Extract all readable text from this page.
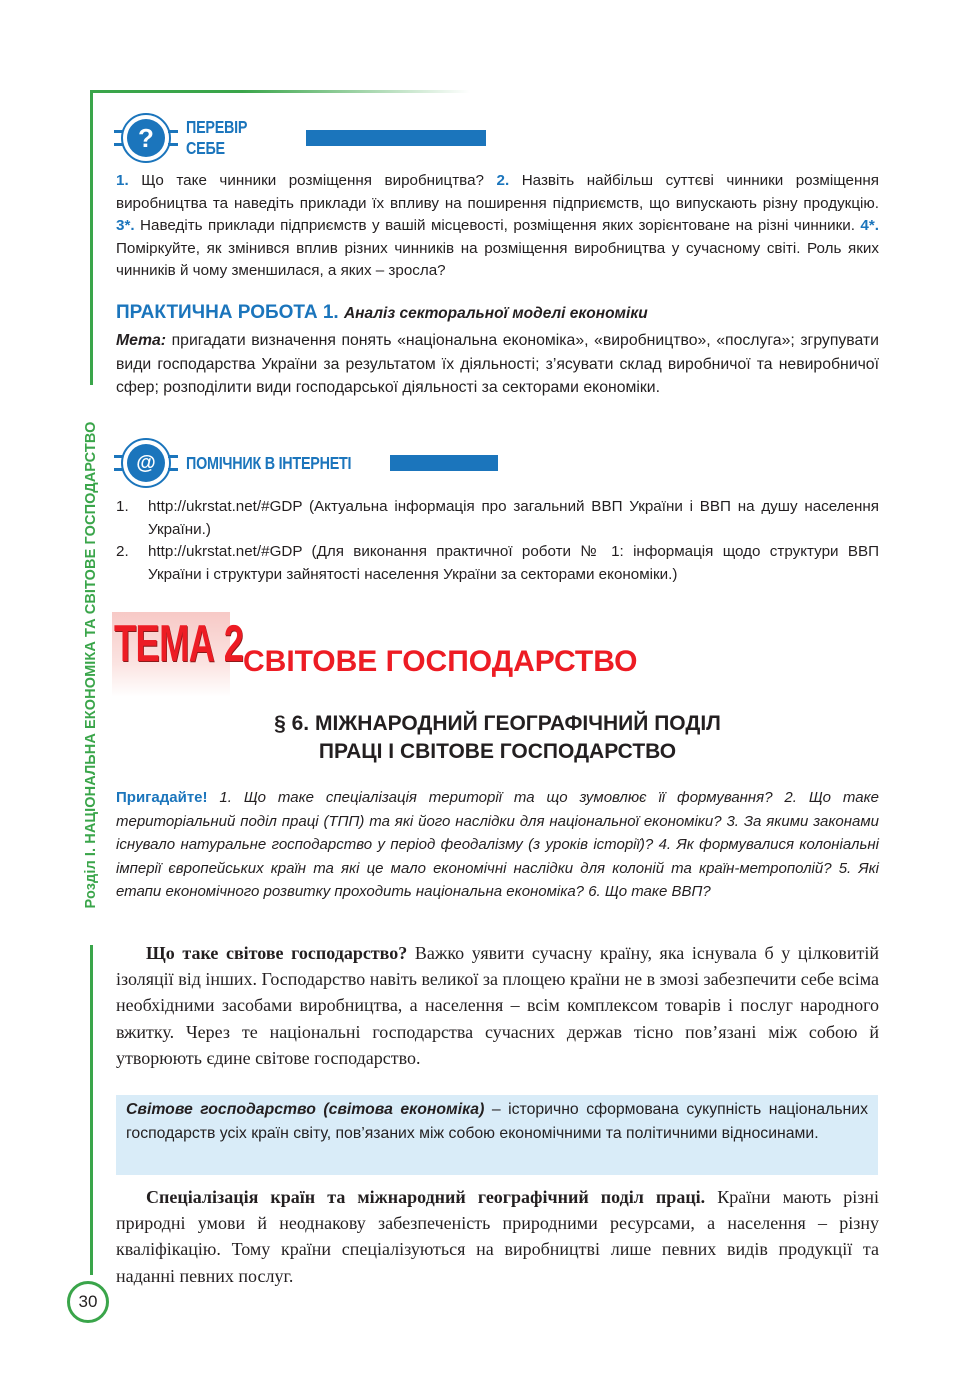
Розділ І. НАЦІОНАЛЬНА ЕКОНОМІКА ТА СВІТОВЕ ГОСПОДАРСТВО
30
?	ПЕРЕВІР СЕБЕ
1. Що таке чинники розміщення виробництва? 2. Назвіть найбільш суттєві чинники розміщення виробництва та наведіть приклади їх впливу на поширення підприємств, що випускають різну продукцію. 3*. Наведіть приклади підприємств у вашій місцевості, розміщення яких зорієнтоване на різні чинники. 4*. Поміркуйте, як змінився вплив різних чинників на розміщення виробництва у сучасному світі. Роль яких чинників й чому зменшилася, а яких – зросла?
ПРАКТИЧНА РОБОТА 1. Аналіз секторальної моделі економіки
Мета: пригадати визначення понять «національна економіка», «виробництво», «послуга»; згрупувати види господарства України за результатом їх діяльності; з’ясувати склад виробничої та невиробничої сфер; розподілити види господарської діяльності за секторами економіки.
@	ПОМІЧНИК В ІНТЕРНЕТІ
1.	http://ukrstat.net/#GDP (Актуальна інформація про загальний ВВП України і ВВП на душу населення України.)
2.	http://ukrstat.net/#GDP (Для виконання практичної роботи № 1: інформація щодо структури ВВП України і структури зайнятості населення України за секторами економіки.)
ТЕМА 2 СВІТОВЕ ГОСПОДАРСТВО
§ 6. МІЖНАРОДНИЙ ГЕОГРАФІЧНИЙ ПОДІЛ
ПРАЦІ І СВІТОВЕ ГОСПОДАРСТВО
Пригадайте! 1. Що таке спеціалізація території та що зумовлює її формування? 2. Що таке територіальний поділ праці (ТПП) та які його наслідки для національної економіки? 3. За якими законами існувало натуральне господарство у період феодалізму (з уроків історії)? 4. Як формувалися колоніальні імперії європейських країн та які це мало економічні наслідки для колоній та країн-метрополій? 5. Які етапи економічного розвитку проходить національна економіка? 6. Що таке ВВП?
Що таке світове господарство? Важко уявити сучасну країну, яка існувала б у цілковитій ізоляції від інших. Господарство навіть великої за площею країни не в змозі забезпечити себе всіма необхідними засобами виробництва, а населення – всім комплексом товарів і послуг народного вжитку. Через те національні господарства сучасних держав тісно пов’язані між собою й утворюють єдине світове господарство.
Світове господарство (світова економіка) – історично сформована сукупність національних господарств усіх країн світу, пов’язаних між собою економічними та політичними відносинами.
Спеціалізація країн та міжнародний географічний поділ праці. Країни мають різні природні умови й неоднакову забезпеченість природними ресурсами, а населення – різну кваліфікацію. Тому країни спеціалізуються на виробництві лише певних видів продукції та наданні певних послуг.
